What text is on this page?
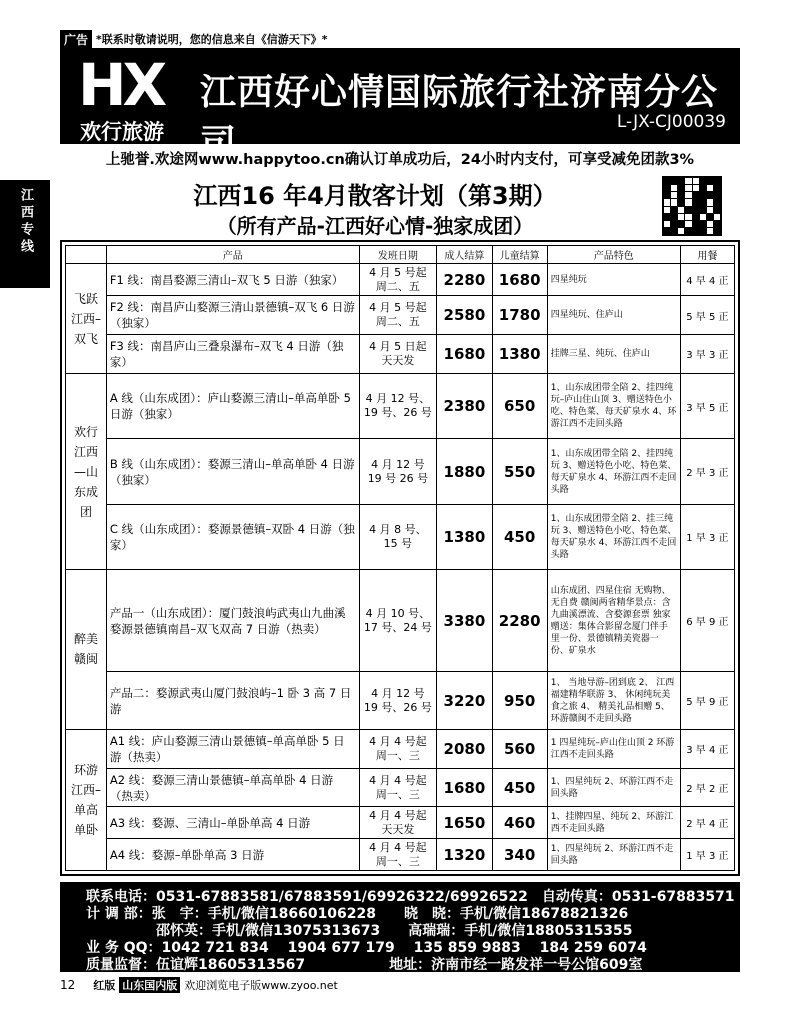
广告 *联系时敬请说明，您的信息来自《信游天下》*
HX
欢行旅游
江西好心情国际旅行社济南分公司
L-JX-CJ00039
上驰誉.欢途网www.happytoo.cn确认订单成功后，24小时内支付，可享受减免团款3%
江西专线	江西16 年4月散客计划（第3期）
（所有产品-江西好心情-独家成团）
	产品	发班日期	成人结算	儿童结算	产品特色	用餐
飞跃江西–双飞	F1 线：南昌婺源三清山–双飞 5 日游（独家）	4 月 5 号起 周二、五	2280	1680	四星纯玩	4 早 4 正
	F2 线：南昌庐山婺源三清山景德镇–双飞 6 日游（独家）	4 月 5 号起 周二、五	2580	1780	四星纯玩、住庐山	5 早 5 正
	F3 线：南昌庐山三叠泉瀑布–双飞 4 日游（独家）	4 月 5 日起 天天发	1680	1380	挂牌三星、纯玩、住庐山	3 早 3 正
欢行江西—山东成团	A 线（山东成团）：庐山婺源三清山–单高单卧 5 日游（独家）	4 月 12 号、19 号、26 号	2380	650	1、山东成团带全陪 2、挂四纯玩–庐山住山顶 3、赠送特色小吃、特色菜、每天矿泉水 4、环游江西不走回头路	3 早 5 正
	B 线（山东成团）：婺源三清山–单高单卧 4 日游（独家）	4 月 12 号 19 号 26 号	1880	550	1、山东成团带全陪 2、挂四纯玩 3、赠送特色小吃、特色菜、每天矿泉水 4、环游江西不走回头路	2 早 3 正
	C 线（山东成团）：婺源景德镇–双卧 4 日游（独家）	4 月 8 号、15 号	1380	450	1、山东成团带全陪 2、挂三纯玩 3、赠送特色小吃、特色菜、每天矿泉水 4、环游江西不走回头路	1 早 3 正
醉美赣闽	产品一（山东成团）：厦门鼓浪屿武夷山九曲溪婺源景德镇南昌–双飞双高 7 日游（热卖）	4 月 10 号、17 号、24 号	3380	2280	山东成团、四星住宿 无购物、无自费 赣闽两省精华景点：含九曲溪漂流、含婺源套票 独家赠送：集体合影留念厦门伴手里一份、景德镇精美瓷器一份、矿泉水	6 早 9 正
	产品二：婺源武夷山厦门鼓浪屿–1 卧 3 高 7 日游	4 月 12 号 19 号、26 号	3220	950	1、 当地导游–团到底 2、 江西福建精华联游 3、 休闲纯玩美食之旅 4、 精美礼品相赠 5、 环游赣闽不走回头路	5 早 9 正
环游江西–单高单卧	A1 线：庐山婺源三清山景德镇–单高单卧 5 日游（热卖）	4 月 4 号起 周一、三	2080	560	1 四星纯玩–庐山住山顶 2 环游江西不走回头路	3 早 4 正
	A2 线：婺源三清山景德镇–单高单卧 4 日游（热卖）	4 月 4 号起 周一、三	1680	450	1、四星纯玩 2、环游江西不走回头路	2 早 2 正
	A3 线：婺源、三清山–单卧单高 4 日游	4 月 4 号起 天天发	1650	460	1、挂牌四星、纯玩 2、环游江西不走回头路	2 早 4 正
	A4 线：婺源–单卧单高 3 日游	4 月 4 号起 周一、三	1320	340	1、四星纯玩 2、环游江西不走回头路	1 早 3 正
联系电话：0531-67883581/67883591/69926322/69926522　自动传真：0531-67883571
计 调 部：张　宇：手机/微信18660106228　　晓　晓：手机/微信18678821326
　　　　　邵怀英：手机/微信13075313673　　高瑞瑞：手机/微信18805315355
业 务 QQ：1042 721 834　 1904 677 179　 135 859 9883　 184 259 6074
质量监督：伍谊辉18605313567　　　　　　地址：济南市经一路发祥一号公馆609室
12 红版 山东国内版 欢迎浏览电子版www.zyoo.net
